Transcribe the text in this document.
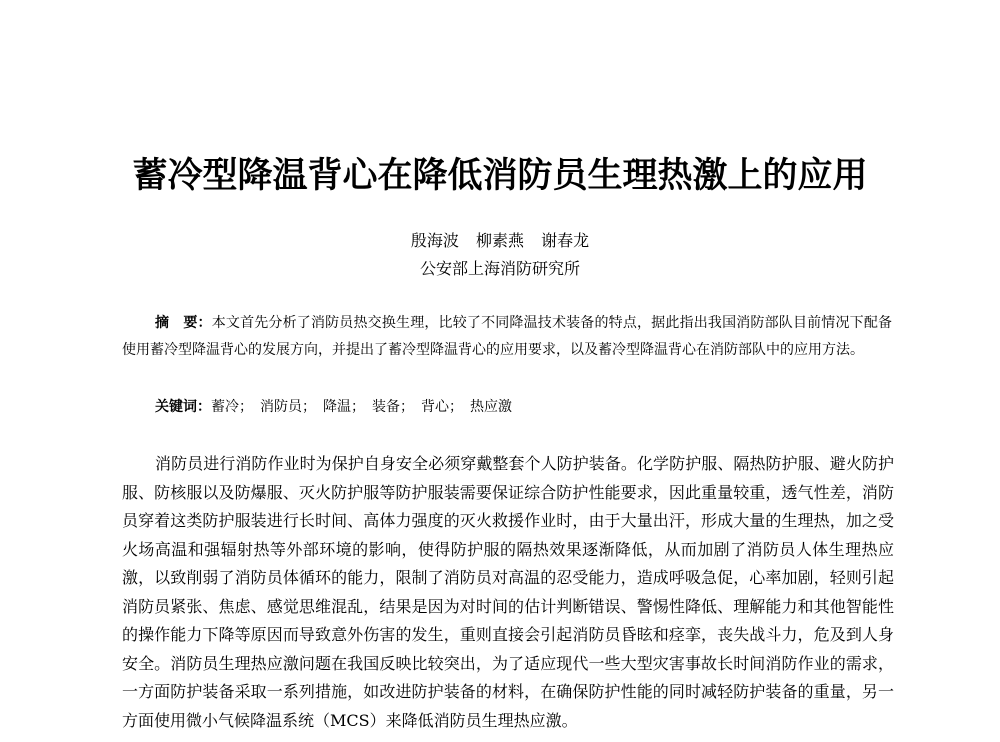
蓄冷型降温背心在降低消防员生理热激上的应用
殷海波 柳素燕 谢春龙
公安部上海消防研究所
摘　要：本文首先分析了消防员热交换生理，比较了不同降温技术装备的特点，据此指出我国消防部队目前情况下配备使用蓄冷型降温背心的发展方向，并提出了蓄冷型降温背心的应用要求，以及蓄冷型降温背心在消防部队中的应用方法。
关键词：蓄冷；　消防员；　降温；　装备；　背心；　热应激

消防员进行消防作业时为保护自身安全必须穿戴整套个人防护装备。化学防护服、隔热防护服、避火防护服、防核服以及防爆服、灭火防护服等防护服装需要保证综合防护性能要求，因此重量较重，透气性差，消防员穿着这类防护服装进行长时间、高体力强度的灭火救援作业时，由于大量出汗，形成大量的生理热，加之受火场高温和强辐射热等外部环境的影响，使得防护服的隔热效果逐渐降低，从而加剧了消防员人体生理热应激，以致削弱了消防员体循环的能力，限制了消防员对高温的忍受能力，造成呼吸急促，心率加剧，轻则引起消防员紧张、焦虑、感觉思维混乱，结果是因为对时间的估计判断错误、警惕性降低、理解能力和其他智能性的操作能力下降等原因而导致意外伤害的发生，重则直接会引起消防员昏眩和痉挛，丧失战斗力，危及到人身安全。消防员生理热应激问题在我国反映比较突出，为了适应现代一些大型灾害事故长时间消防作业的需求，一方面防护装备采取一系列措施，如改进防护装备的材料，在确保防护性能的同时减轻防护装备的重量，另一方面使用微小气候降温系统（MCS）来降低消防员生理热应激。
